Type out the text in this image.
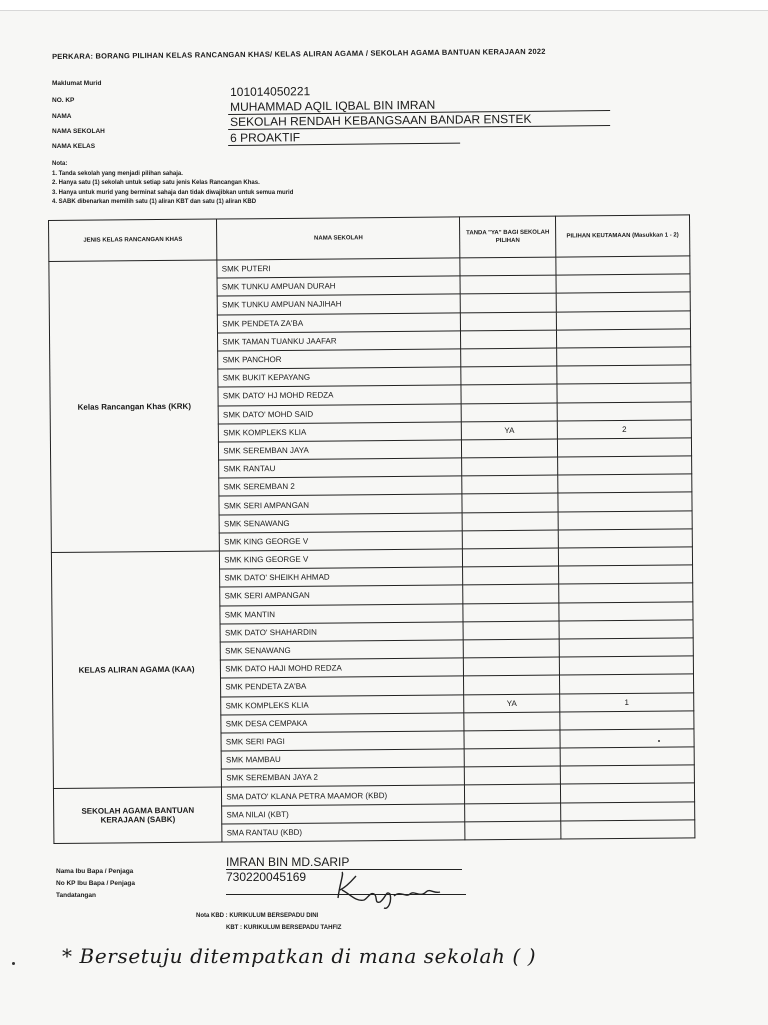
PERKARA: BORANG PILIHAN KELAS RANCANGAN KHAS/ KELAS ALIRAN AGAMA / SEKOLAH AGAMA BANTUAN KERAJAAN 2022
Maklumat Murid
NO. KP
101014050221
NAMA
MUHAMMAD AQIL IQBAL BIN IMRAN
NAMA SEKOLAH
SEKOLAH RENDAH KEBANGSAAN BANDAR ENSTEK
NAMA KELAS
6 PROAKTIF
Nota:
1. Tanda sekolah yang menjadi pilihan sahaja.
2. Hanya satu (1) sekolah untuk setiap satu jenis Kelas Rancangan Khas.
3. Hanya untuk murid yang berminat sahaja dan tidak diwajibkan untuk semua murid
4. SABK dibenarkan memilih satu (1) aliran KBT dan satu (1) aliran KBD
JENIS KELAS RANCANGAN KHAS	NAMA SEKOLAH	TANDA "YA" BAGI SEKOLAH PILIHAN	PILIHAN KEUTAMAAN (Masukkan 1 - 2)
Kelas Rancangan Khas (KRK)	SMK PUTERI		
	SMK TUNKU AMPUAN DURAH		
	SMK TUNKU AMPUAN NAJIHAH		
	SMK PENDETA ZA'BA		
	SMK TAMAN TUANKU JAAFAR		
	SMK PANCHOR		
	SMK BUKIT KEPAYANG		
	SMK DATO' HJ MOHD REDZA		
	SMK DATO' MOHD SAID		
	SMK KOMPLEKS KLIA	YA	2
	SMK SEREMBAN JAYA		
	SMK RANTAU		
	SMK SEREMBAN 2		
	SMK SERI AMPANGAN		
	SMK SENAWANG		
	SMK KING GEORGE V		
KELAS ALIRAN AGAMA (KAA)	SMK KING GEORGE V		
	SMK DATO' SHEIKH AHMAD		
	SMK SERI AMPANGAN		
	SMK MANTIN		
	SMK DATO' SHAHARDIN		
	SMK SENAWANG		
	SMK DATO HAJI MOHD REDZA		
	SMK PENDETA ZA'BA		
	SMK KOMPLEKS KLIA	YA	1
	SMK DESA CEMPAKA		
	SMK SERI PAGI		
	SMK MAMBAU		
	SMK SEREMBAN JAYA 2		
SEKOLAH AGAMA BANTUAN KERAJAAN (SABK)	SMA DATO' KLANA PETRA MAAMOR (KBD)		
	SMA NILAI (KBT)		
	SMA RANTAU (KBD)		
Nama Ibu Bapa / Penjaga
IMRAN BIN MD.SARIP
No KP Ibu Bapa / Penjaga	730220045169
Tandatangan
Nota KBD : KURIKULUM BERSEPADU DINI
KBT : KURIKULUM BERSEPADU TAHFIZ
* Bersetuju ditempatkan di mana sekolah ( )
